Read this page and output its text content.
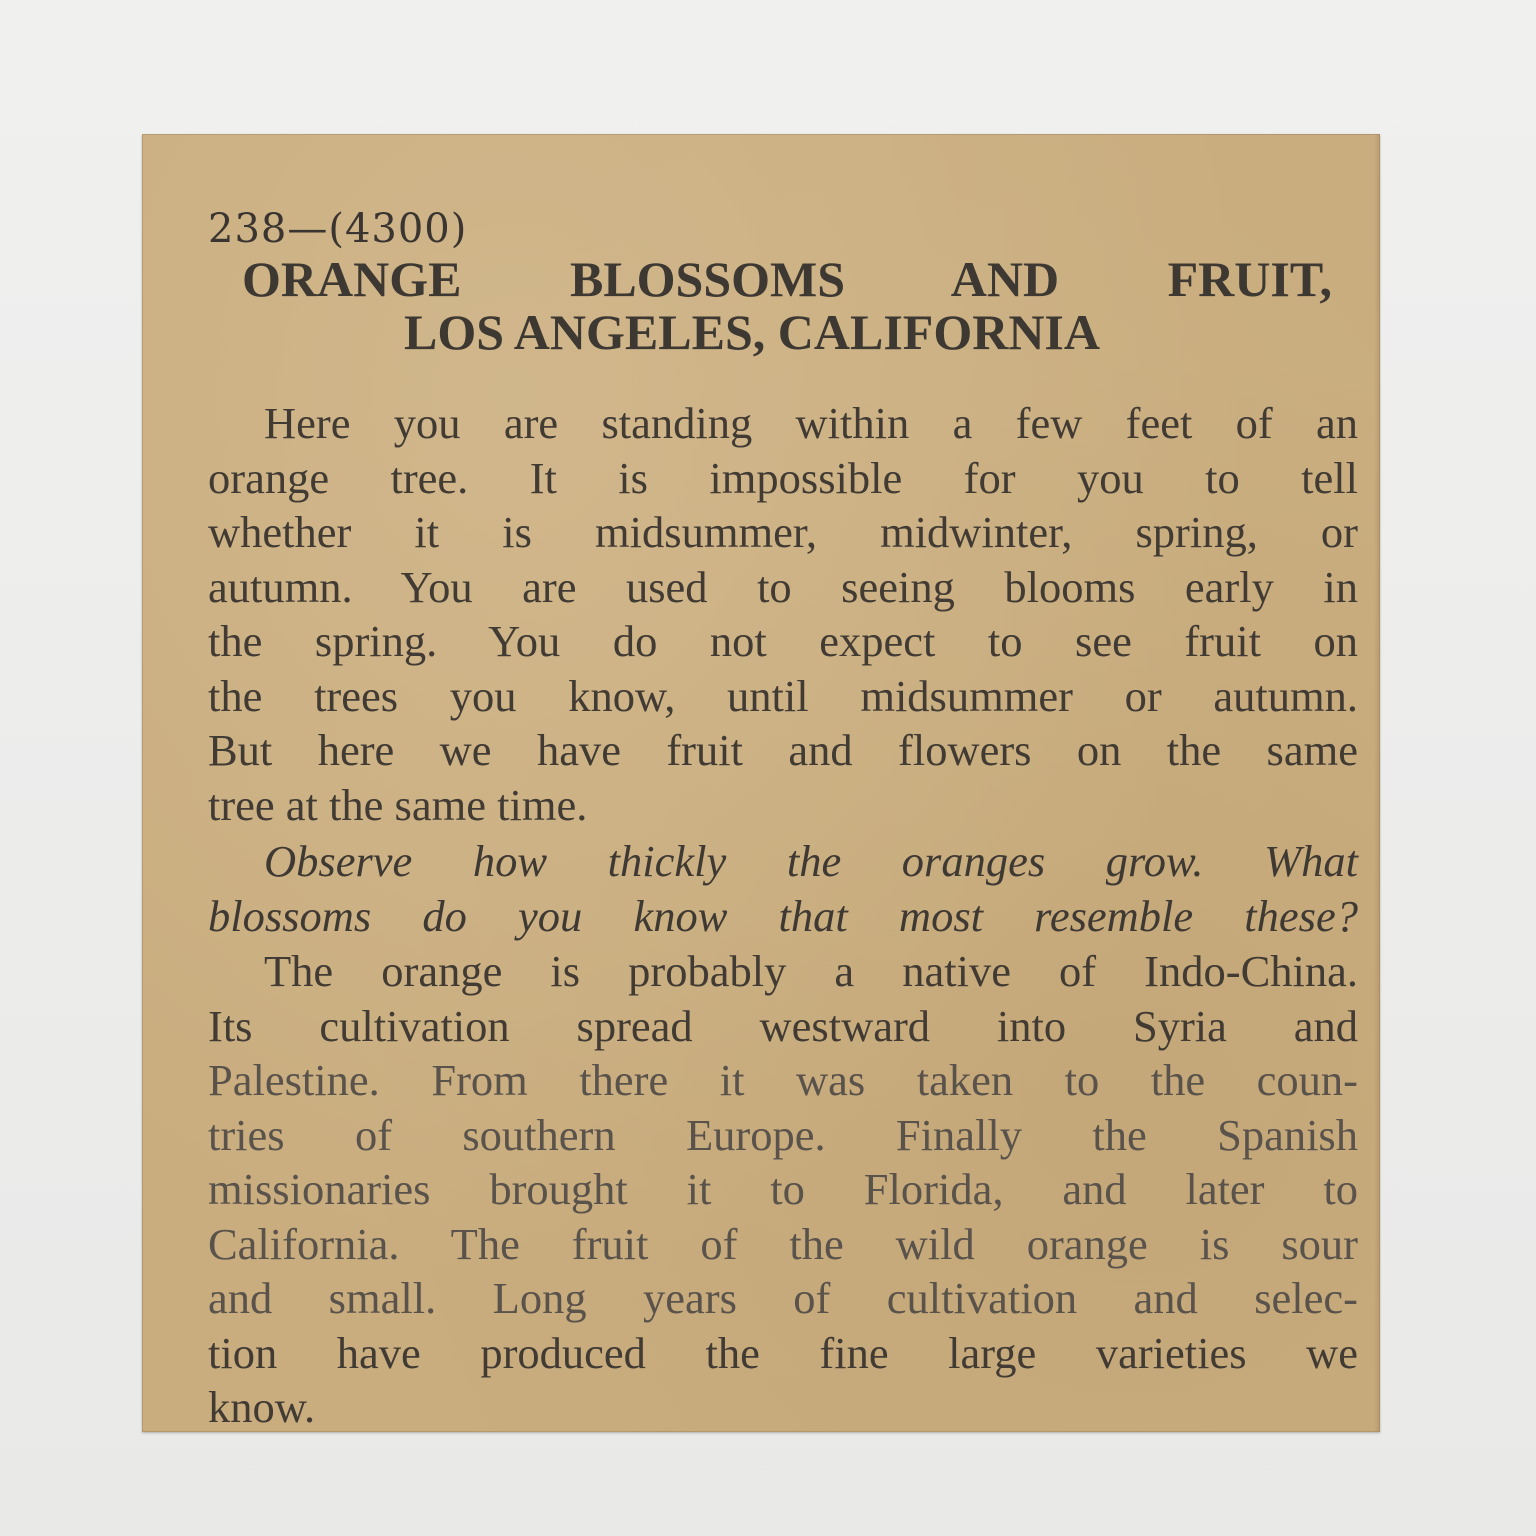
238—(4300)
ORANGE BLOSSOMS AND FRUIT,
LOS ANGELES, CALIFORNIA
Here you are standing within a few feet of an
orange tree. It is impossible for you to tell
whether it is midsummer, midwinter, spring, or
autumn. You are used to seeing blooms early in
the spring. You do not expect to see fruit on
the trees you know, until midsummer or autumn.
But here we have fruit and flowers on the same
tree at the same time.
Observe how thickly the oranges grow. What
blossoms do you know that most resemble these?
The orange is probably a native of Indo-China.
Its cultivation spread westward into Syria and
Palestine. From there it was taken to the coun-
tries of southern Europe. Finally the Spanish
missionaries brought it to Florida, and later to
California. The fruit of the wild orange is sour
and small. Long years of cultivation and selec-
tion have produced the fine large varieties we
know.
